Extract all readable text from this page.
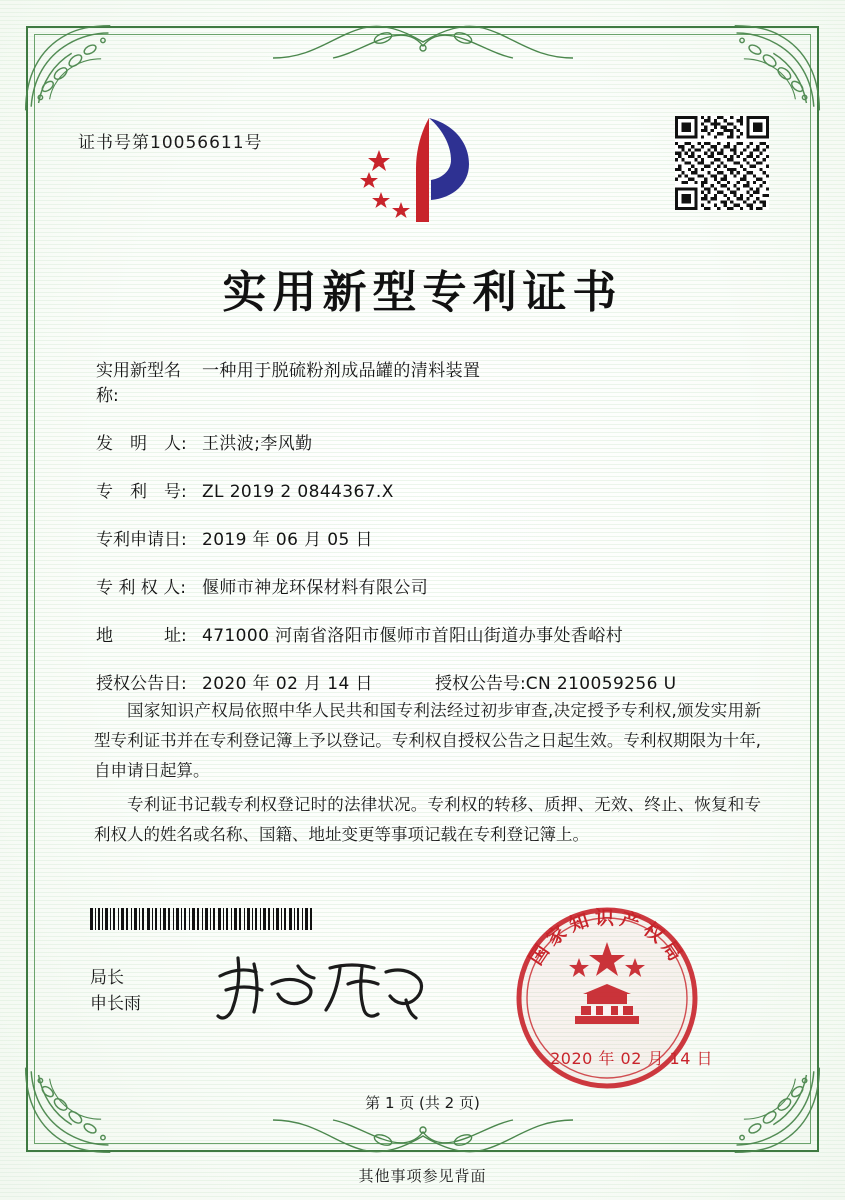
证书号第10056611号
实用新型专利证书
实用新型名称:
一种用于脱硫粉剂成品罐的清料装置
发　明　人: 王洪波;李风勤
专　利　号: ZL 2019 2 0844367.X
专利申请日: 2019 年 06 月 05 日
专 利 权 人: 偃师市神龙环保材料有限公司
地　　　址: 471000 河南省洛阳市偃师市首阳山街道办事处香峪村
授权公告日: 2020 年 02 月 14 日	授权公告号: CN 210059256 U

国家知识产权局依照中华人民共和国专利法经过初步审查,决定授予专利权,颁发实用新型专利证书并在专利登记簿上予以登记。专利权自授权公告之日起生效。专利权期限为十年,自申请日起算。

专利证书记载专利权登记时的法律状况。专利权的转移、质押、无效、终止、恢复和专利权人的姓名或名称、国籍、地址变更等事项记载在专利登记簿上。

局长
申长雨
国家知识产权局
2020 年 02 月 14 日
第 1 页 (共 2 页)
其他事项参见背面
